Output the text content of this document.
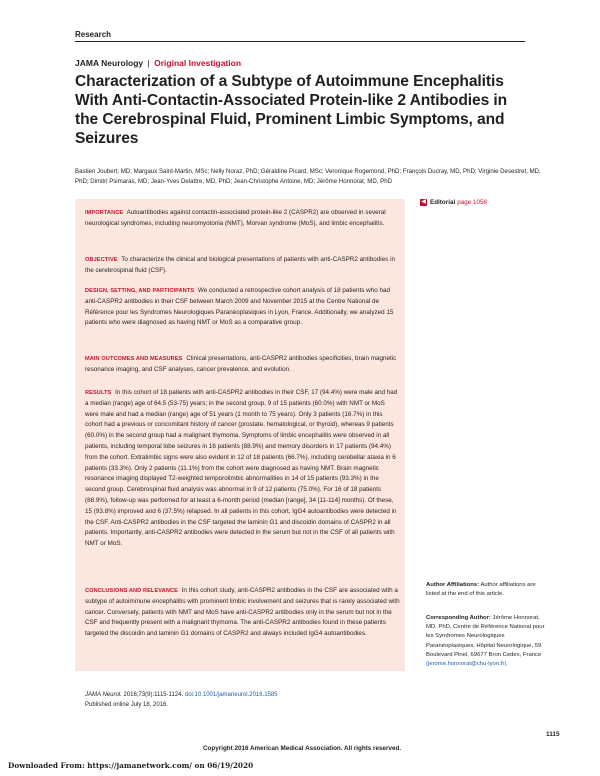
Research
JAMA Neurology | Original Investigation
Characterization of a Subtype of Autoimmune Encephalitis With Anti-Contactin-Associated Protein-like 2 Antibodies in the Cerebrospinal Fluid, Prominent Limbic Symptoms, and Seizures
Bastien Joubert, MD; Margaux Saint-Martin, MSc; Nelly Noraz, PhD; Géraldine Picard, MSc; Veronique Rogemond, PhD; François Ducray, MD, PhD; Virginie Desestret, MD, PhD; Dimitri Psimaras, MD; Jean-Yves Delattre, MD, PhD; Jean-Christophe Antoine, MD; Jérôme Honnorat, MD, PhD
IMPORTANCE Autoantibodies against contactin-associated protein-like 2 (CASPR2) are observed in several neurological syndromes, including neuromyotonia (NMT), Morvan syndrome (MoS), and limbic encephalitis.
OBJECTIVE To characterize the clinical and biological presentations of patients with anti-CASPR2 antibodies in the cerebrospinal fluid (CSF).
DESIGN, SETTING, AND PARTICIPANTS We conducted a retrospective cohort analysis of 18 patients who had anti-CASPR2 antibodies in their CSF between March 2009 and November 2015 at the Centre National de Référence pour les Syndromes Neurologiques Paranéoplasiques in Lyon, France. Additionally, we analyzed 15 patients who were diagnosed as having NMT or MoS as a comparative group.
MAIN OUTCOMES AND MEASURES Clinical presentations, anti-CASPR2 antibodies specificities, brain magnetic resonance imaging, and CSF analyses, cancer prevalence, and evolution.
RESULTS In this cohort of 18 patients with anti-CASPR2 antibodies in their CSF, 17 (94.4%) were male and had a median (range) age of 64.5 (53-75) years; in the second group, 9 of 15 patients (60.0%) with NMT or MoS were male and had a median (range) age of 51 years (1 month to 75 years). Only 3 patients (16.7%) in this cohort had a previous or concomitant history of cancer (prostate, hematological, or thyroid), whereas 9 patients (60.0%) in the second group had a malignant thymoma. Symptoms of limbic encephalitis were observed in all patients, including temporal lobe seizures in 16 patients (88.9%) and memory disorders in 17 patients (94.4%) from the cohort. Extralimbic signs were also evident in 12 of 18 patients (66.7%), including cerebellar ataxia in 6 patients (33.3%). Only 2 patients (11.1%) from the cohort were diagnosed as having NMT. Brain magnetic resonance imaging displayed T2-weighted temporolimbic abnormalities in 14 of 15 patients (93.3%) in the second group. Cerebrospinal fluid analysis was abnormal in 9 of 12 patients (75.0%). For 16 of 18 patients (88.9%), follow-up was performed for at least a 6-month period (median [range], 34 [11-114] months). Of these, 15 (93.8%) improved and 6 (37.5%) relapsed. In all patients in this cohort, IgG4 autoantibodies were detected in the CSF. Anti-CASPR2 antibodies in the CSF targeted the laminin G1 and discoidin domains of CASPR2 in all patients. Importantly, anti-CASPR2 antibodies were detected in the serum but not in the CSF of all patients with NMT or MoS.
CONCLUSIONS AND RELEVANCE In this cohort study, anti-CASPR2 antibodies in the CSF are associated with a subtype of autoimmune encephalitis with prominent limbic involvement and seizures that is rarely associated with cancer. Conversely, patients with NMT and MoS have anti-CASPR2 antibodies only in the serum but not in the CSF and frequently present with a malignant thymoma. The anti-CASPR2 antibodies found in these patients targeted the discoidin and laminin G1 domains of CASPR2 and always included IgG4 autoantibodies.
◀ Editorial page 1058
JAMA Neurol. 2016;73(9):1115-1124. doi:10.1001/jamaneurol.2016.1585
Published online July 18, 2016.
Author Affiliations: Author affiliations are listed at the end of this article.
Corresponding Author: Jérôme Honnorat, MD, PhD, Centre de Référence National pour les Syndromes Neurologiques Paranéoplasiques, Hôpital Neurologique, 59 Boulevard Pinel, 69677 Bron Cedex, France (jerome.honnorat@chu-lyon.fr).
1115
Copyright 2016 American Medical Association. All rights reserved.
Downloaded From: https://jamanetwork.com/ on 06/19/2020
